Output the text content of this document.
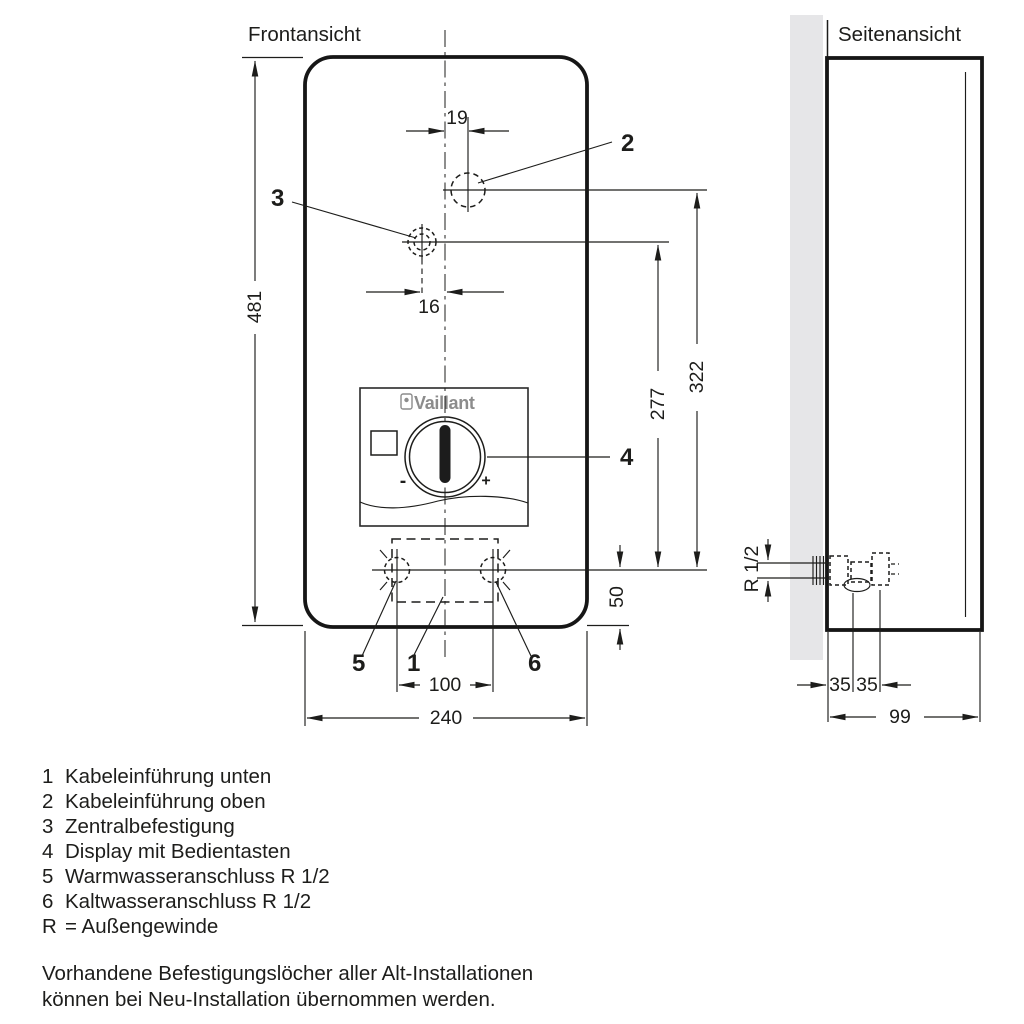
Seitenansicht
R 1/2
35 35
99
Frontansicht
481
19
2
3
16
Vaillant
-	+
4
5 1	6
50
277
322
100
240
1 Kabeleinführung unten
2 Kabeleinführung oben
3 Zentralbefestigung
4 Display mit Bedientasten
5 Warmwasseranschluss R 1/2
6 Kaltwasseranschluss R 1/2
R = Außengewinde
Vorhandene Befestigungslöcher aller Alt-Installationen
können bei Neu-Installation übernommen werden.
